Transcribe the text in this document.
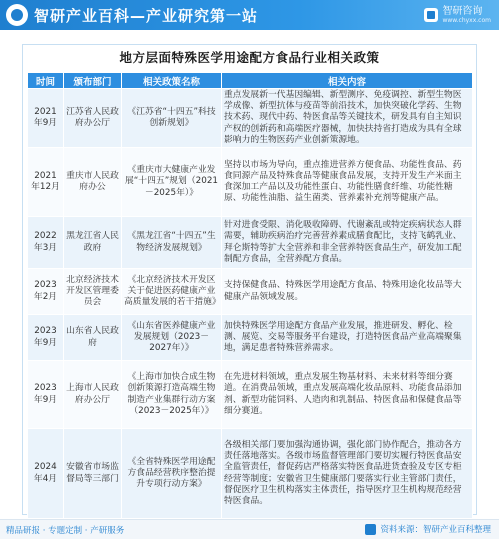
智研产业百科—产业研究第一站	智研咨询
www.chyxx.com
地方层面特殊医学用途配方食品行业相关政策
时间	颁布部门	相关政策名称	相关内容
2021年9月	江苏省人民政府办公厅	《江苏省“十四五”科技创新规划》	重点发展新一代基因编辑、新型测序、免疫调控、新型生物医学成像、新型抗体与疫苗等前沿技术，加快突破化学药、生物技术药、现代中药、特医食品等关键技术，研发具有自主知识产权的创新药和高端医疗器械，加快扶持省打造成为具有全球影响力的生物医药产业创新策源地。
2021年12月	重庆市人民政府办公	《重庆市大健康产业发展“十四五”规划（2021－2025年）》	坚持以市场为导向，重点推进营养方便食品、功能性食品、药食同源产品及特殊食品等健康食品发展，支持开发生产米面主食深加工产品以及功能性蛋白、功能性膳食纤维、功能性糖原、功能性油脂、益生菌类、营养素补充剂等健康产品。
2022年3月	黑龙江省人民政府	《黑龙江省“十四五”生物经济发展规划》	针对进食受限、消化吸收障碍、代谢紊乱或特定疾病状态人群需要，辅助疾病治疗完善营养素成膳食配比，支持飞鹤乳业、拜仑斯特等扩大全营养和非全营养特医食品生产，研发加工配制配方食品，全营养配方食品。
2023年2月	北京经济技术开发区管理委员会	《北京经济技术开发区关于促进医药健康产业高质量发展的若干措施》	支持保健食品、特殊医学用途配方食品、特殊用途化妆品等大健康产品领域发展。
2023年9月	山东省人民政府	《山东省医养健康产业发展规划（2023－2027年）》	加快特殊医学用途配方食品产业发展，推进研发、孵化、检测、展览、交易等服务平台建设，打造特医食品产业高端聚集地，满足患者特殊营养需求。
2023年9月	上海市人民政府办公厅	《上海市加快合成生物创新策源打造高端生物制造产业集群行动方案（2023－2025年）》	在先进材料领域，重点发展生物基材料、未来材料等细分赛道。在消费品领域，重点发展高端化妆品原料、功能食品添加剂、新型功能饲料、人造肉和乳制品、特医食品和保健食品等细分赛道。
2024年4月	安徽省市场监督局等三部门	《全省特殊医学用途配方食品经营秩序整治提升专项行动方案》	各级相关部门要加强沟通协调，强化部门协作配合，推动各方责任落地落实。各级市场监督管理部门要切实履行特医食品安全监管责任，督促药店严格落实特医食品进货查验及专区专柜经营等制度；安徽省卫生健康部门要落实行业主管部门责任，督促医疗卫生机构落实主体责任，指导医疗卫生机构规范经营特医食品。
精品研报 · 专题定制 · 产研服务	资料来源：智研产业百科整理
